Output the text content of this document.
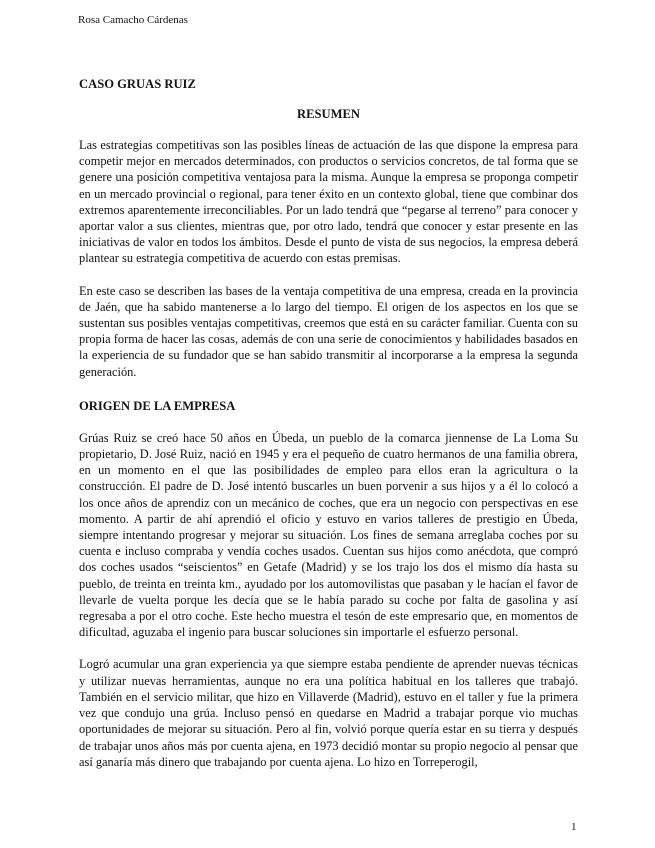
Rosa Camacho Cárdenas

CASO GRUAS RUIZ

RESUMEN

Las estrategias competitivas son las posibles líneas de actuación de las que dispone la empresa para competir mejor en mercados determinados, con productos o servicios concretos, de tal forma que se genere una posición competitiva ventajosa para la misma. Aunque la empresa se proponga competir en un mercado provincial o regional, para tener éxito en un contexto global, tiene que combinar dos extremos aparentemente irreconciliables. Por un lado tendrá que “pegarse al terreno” para conocer y aportar valor a sus clientes, mientras que, por otro lado, tendrá que conocer y estar presente en las iniciativas de valor en todos los ámbitos. Desde el punto de vista de sus negocios, la empresa deberá plantear su estrategia competitiva de acuerdo con estas premisas.

En este caso se describen las bases de la ventaja competitiva de una empresa, creada en la provincia de Jaén, que ha sabido mantenerse a lo largo del tiempo. El origen de los aspectos en los que se sustentan sus posibles ventajas competitivas, creemos que está en su carácter familiar. Cuenta con su propia forma de hacer las cosas, además de con una serie de conocimientos y habilidades basados en la experiencia de su fundador que se han sabido transmitir al incorporarse a la empresa la segunda generación.

ORIGEN DE LA EMPRESA

Grúas Ruiz se creó hace 50 años en Úbeda, un pueblo de la comarca jiennense de La Loma Su propietario, D. José Ruiz, nació en 1945 y era el pequeño de cuatro hermanos de una familia obrera, en un momento en el que las posibilidades de empleo para ellos eran la agricultura o la construcción. El padre de D. José intentó buscarles un buen porvenir a sus hijos y a él lo colocó a los once años de aprendiz con un mecánico de coches, que era un negocio con perspectivas en ese momento. A partir de ahí aprendió el oficio y estuvo en varios talleres de prestigio en Úbeda, siempre intentando progresar y mejorar su situación. Los fines de semana arreglaba coches por su cuenta e incluso compraba y vendía coches usados. Cuentan sus hijos como anécdota, que compró dos coches usados “seiscientos” en Getafe (Madrid) y se los trajo los dos el mismo día hasta su pueblo, de treinta en treinta km., ayudado por los automovilistas que pasaban y le hacían el favor de llevarle de vuelta porque les decía que se le había parado su coche por falta de gasolina y así regresaba a por el otro coche. Este hecho muestra el tesón de este empresario que, en momentos de dificultad, aguzaba el ingenio para buscar soluciones sin importarle el esfuerzo personal.

Logró acumular una gran experiencia ya que siempre estaba pendiente de aprender nuevas técnicas y utilizar nuevas herramientas, aunque no era una política habitual en los talleres que trabajó. También en el servicio militar, que hizo en Villaverde (Madrid), estuvo en el taller y fue la primera vez que condujo una grúa. Incluso pensó en quedarse en Madrid a trabajar porque vio muchas oportunidades de mejorar su situación. Pero al fin, volvió porque quería estar en su tierra y después de trabajar unos años más por cuenta ajena, en 1973 decidió montar su propio negocio al pensar que así ganaría más dinero que trabajando por cuenta ajena. Lo hizo en Torreperogil,

1
